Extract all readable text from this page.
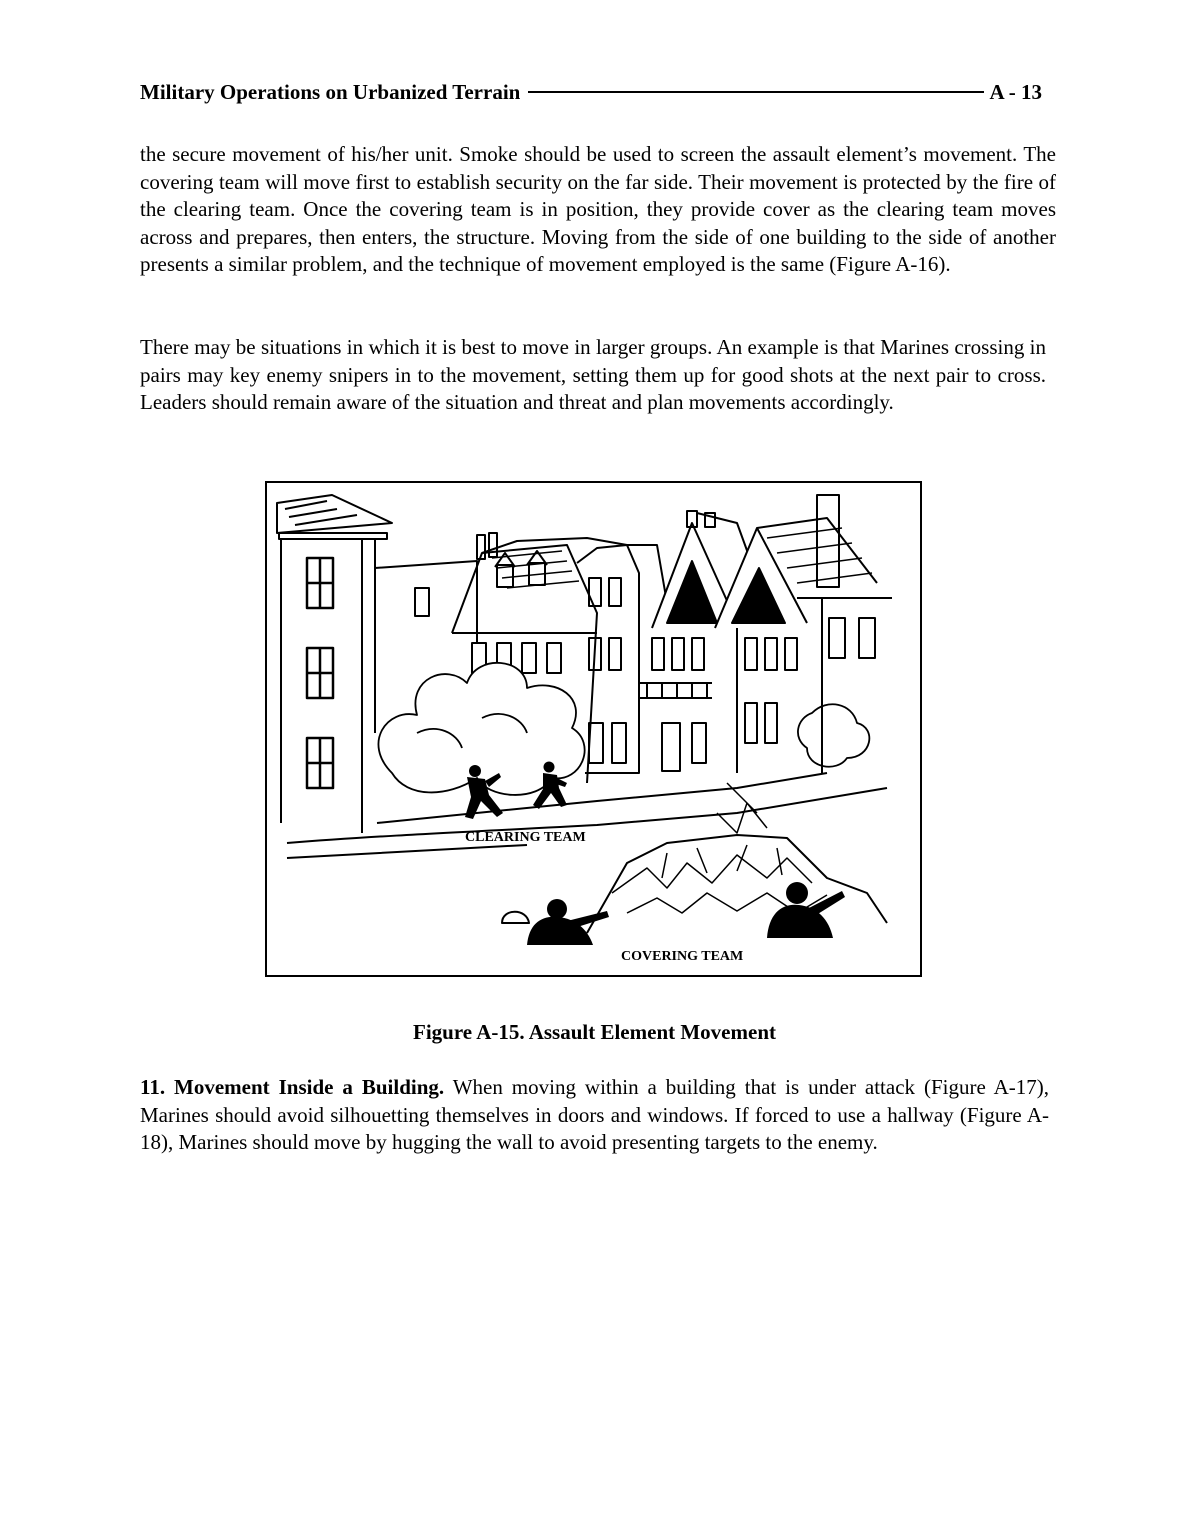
Military Operations on Urbanized Terrain	A - 13

the secure movement of his/her unit. Smoke should be used to screen the assault element’s movement. The covering team will move first to establish security on the far side. Their movement is protected by the fire of the clearing team. Once the covering team is in position, they provide cover as the clearing team moves across and prepares, then enters, the structure. Moving from the side of one building to the side of another presents a similar problem, and the technique of movement employed is the same (Figure A-16).

There may be situations in which it is best to move in larger groups. An example is that Marines crossing in pairs may key enemy snipers in to the movement, setting them up for good shots at the next pair to cross. Leaders should remain aware of the situation and threat and plan movements accordingly.

CLEARING TEAM
COVERING TEAM
Figure A-15. Assault Element Movement

11. Movement Inside a Building. When moving within a building that is under attack (Figure A-17), Marines should avoid silhouetting themselves in doors and windows. If forced to use a hallway (Figure A-18), Marines should move by hugging the wall to avoid presenting targets to the enemy.
